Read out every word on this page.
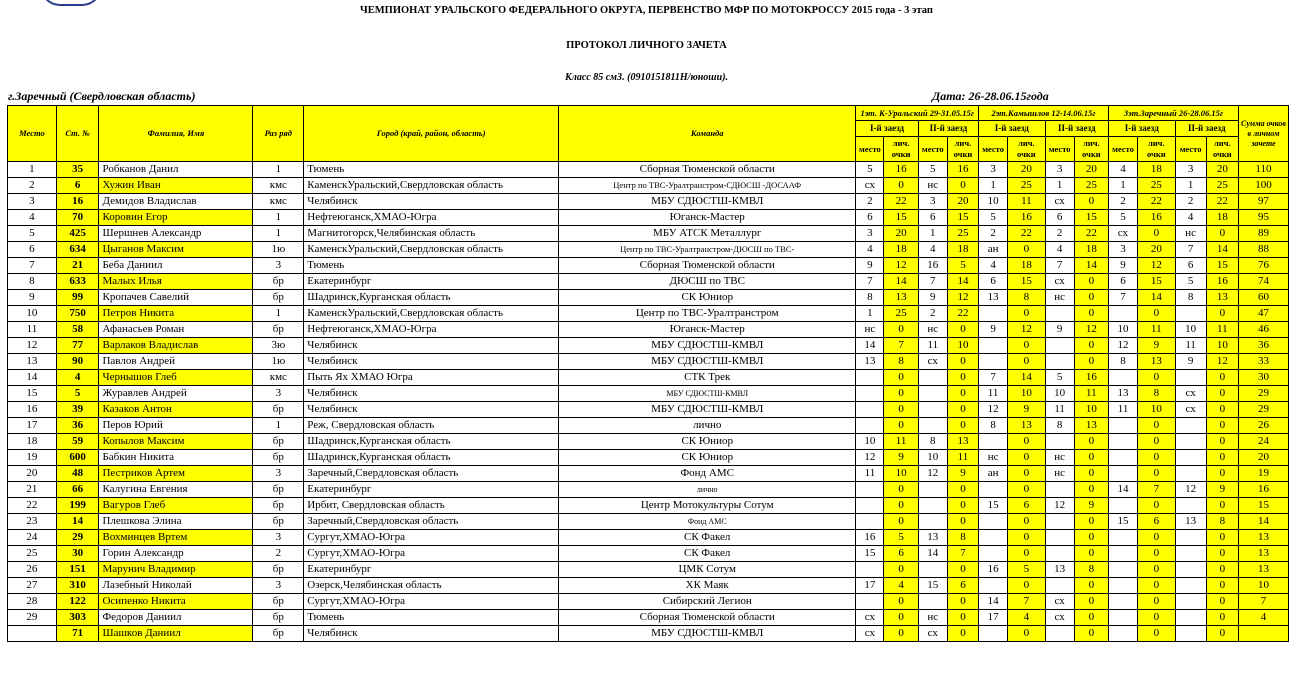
ЧЕМПИОНАТ УРАЛЬСКОГО ФЕДЕРАЛЬНОГО ОКРУГА, ПЕРВЕНСТВО МФР ПО МОТОКРОССУ 2015 года - 3 этап
ПРОТОКОЛ ЛИЧНОГО ЗАЧЕТА
Класс 85 смЗ. (0910151811Н/юноши).
г.Заречный (Свердловская область)	Дата: 26-28.06.15года
Место	Ст. №	Фамилия, Имя	Раз ряд	Город (край, район, область)	Команда	1эт. К-Уральский 29-31.05.15г				2эт.Камышлов 12-14.06.15г				3эт.Заречный 26-28.06.15г				Сумма очков в личном зачете
						I-й заезд		II-й заезд		I-й заезд		II-й заезд		I-й заезд		II-й заезд		
						место	лич. очки	место	лич. очки	место	лич. очки	место	лич. очки	место	лич. очки	место	лич. очки	
1	35	Робканов Данил	1	Тюмень	Сборная Тюменской области	5	16	5	16	3	20	3	20	4	18	3	20	110
2	6	Хужин Иван	кмс	КаменскУральский,Свердловская область	Центр по ТВС-Уралтранстром-СДЮСШ -ДОСААФ	сх	0	нс	0	1	25	1	25	1	25	1	25	100
3	16	Демидов Владислав	кмс	Челябинск	МБУ СДЮСТШ-КМВЛ	2	22	3	20	10	11	сх	0	2	22	2	22	97
4	70	Коровин Егор	1	Нефтеюганск,ХМАО-Югра	Юганск-Мастер	6	15	6	15	5	16	6	15	5	16	4	18	95
5	425	Шершнев Александр	1	Магнитогорск,Челябинская область	МБУ АТСК Металлург	3	20	1	25	2	22	2	22	сх	0	нс	0	89
6	634	Цыганов Максим	1ю	КаменскУральский,Свердловская область	Центр по ТВС-Уралтранстром-ДЮСШ по ТВС-	4	18	4	18	ан	0	4	18	3	20	7	14	88
7	21	Беба Даниил	3	Тюмень	Сборная Тюменской области	9	12	16	5	4	18	7	14	9	12	6	15	76
8	633	Малых Илья	бр	Екатеринбург	ДЮСШ по ТВС	7	14	7	14	6	15	сх	0	6	15	5	16	74
9	99	Кропачев Савелий	бр	Шадринск,Курганская область	СК Юниор	8	13	9	12	13	8	нс	0	7	14	8	13	60
10	750	Петров Никита	1	КаменскУральский,Свердловская область	Центр по ТВС-Уралтранстром	1	25	2	22		0		0		0		0	47
11	58	Афанасьев Роман	бр	Нефтеюганск,ХМАО-Югра	Юганск-Мастер	нс	0	нс	0	9	12	9	12	10	11	10	11	46
12	77	Варлаков Владислав	3ю	Челябинск	МБУ СДЮСТШ-КМВЛ	14	7	11	10		0		0	12	9	11	10	36
13	90	Павлов Андрей	1ю	Челябинск	МБУ СДЮСТШ-КМВЛ	13	8	сх	0		0		0	8	13	9	12	33
14	4	Чернышов Глеб	кмс	Пыть Ях ХМАО Югра	СТК Трек		0		0	7	14	5	16		0		0	30
15	5	Журавлев Андрей	3	Челябинск	МБУ СДЮСТШ-КМВЛ		0		0	11	10	10	11	13	8	сх	0	29
16	39	Казаков Антон	бр	Челябинск	МБУ СДЮСТШ-КМВЛ		0		0	12	9	11	10	11	10	сх	0	29
17	36	Перов Юрий	1	Реж, Свердловская область	лично		0		0	8	13	8	13		0		0	26
18	59	Копылов Максим	бр	Шадринск,Курганская область	СК Юниор	10	11	8	13		0		0		0		0	24
19	600	Бабкин Никита	бр	Шадринск,Курганская область	СК Юниор	12	9	10	11	нс	0	нс	0		0		0	20
20	48	Пестриков Артем	3	Заречный,Свердловская область	Фонд АМС	11	10	12	9	ан	0	нс	0		0		0	19
21	66	Калугина Евгения	бр	Екатеринбург	лично		0		0		0		0	14	7	12	9	16
22	199	Вагуров Глеб	бр	Ирбит, Свердловская область	Центр Мотокультуры Сотум		0		0	15	6	12	9		0		0	15
23	14	Плешкова Элина	бр	Заречный,Свердловская область	Фонд АМС		0		0		0		0	15	6	13	8	14
24	29	Вохминцев Вртем	3	Сургут,ХМАО-Югра	СК Факел	16	5	13	8		0		0		0		0	13
25	30	Горин Александр	2	Сургут,ХМАО-Югра	СК Факел	15	6	14	7		0		0		0		0	13
26	151	Марунич Владимир	бр	Екатеринбург	ЦМК Сотум		0		0	16	5	13	8		0		0	13
27	310	Лазебный Николай	3	Озерск,Челябинская область	ХК Маяк	17	4	15	6		0		0		0		0	10
28	122	Осипенко Никита	бр	Сургут,ХМАО-Югра	Сибирский Легион		0		0	14	7	сх	0		0		0	7
29	303	Федоров Даниил	бр	Тюмень	Сборная Тюменской области	сх	0	нс	0	17	4	сх	0		0		0	4
	71	Шашков Даниил	бр	Челябинск	МБУ СДЮСТШ-КМВЛ	сх	0	сх	0		0		0		0		0	
